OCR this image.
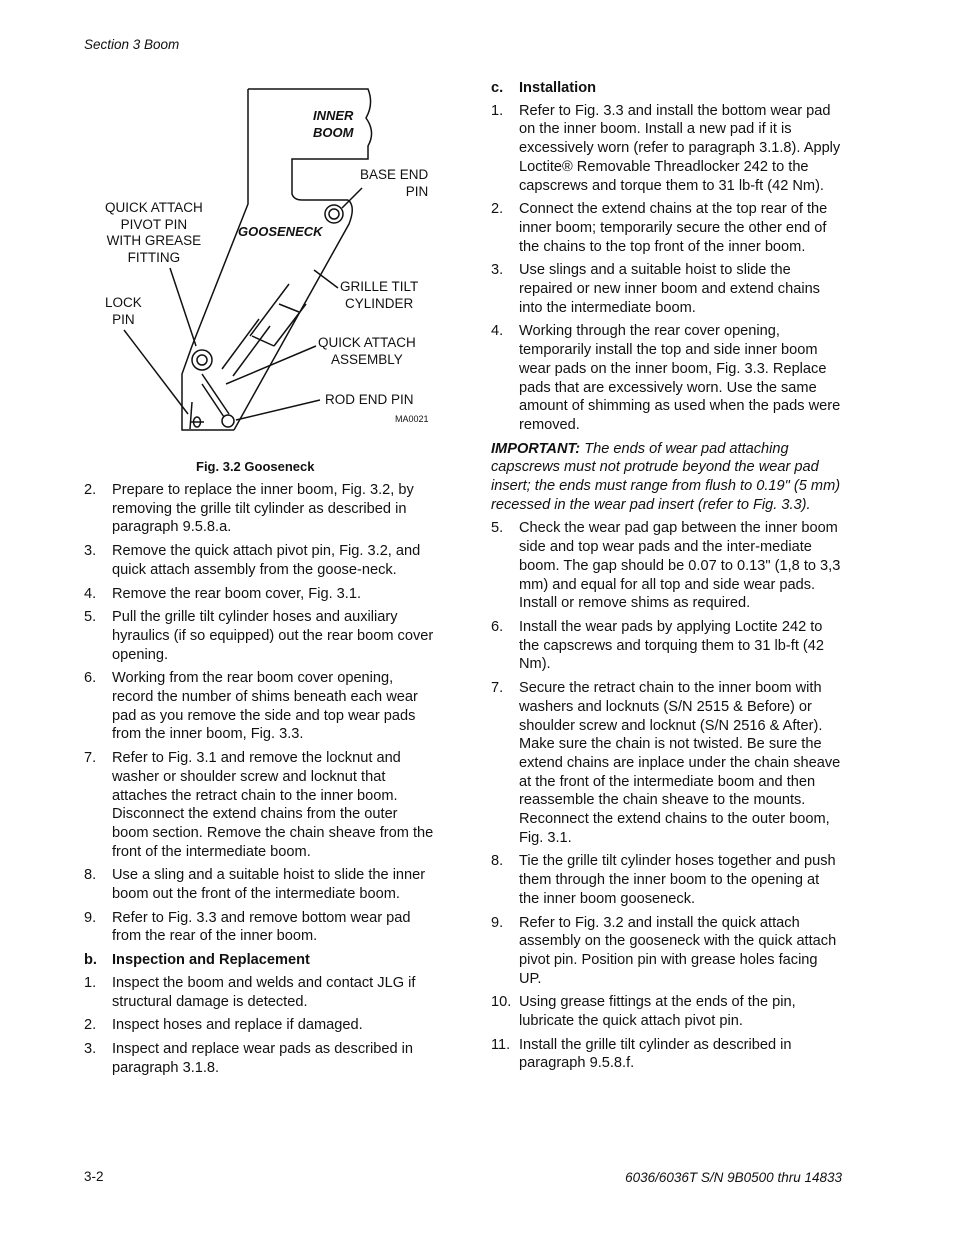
Section 3 Boom
INNER
BOOM
GOOSENECK
BASE END
PIN
QUICK ATTACH
PIVOT PIN
WITH GREASE
FITTING
GRILLE TILT
CYLINDER
LOCK
PIN
QUICK ATTACH
ASSEMBLY
ROD END PIN
MA0021
Fig. 3.2 Gooseneck
2.	Prepare to replace the inner boom, Fig. 3.2, by removing the grille tilt cylinder as described in paragraph 9.5.8.a.
3.	Remove the quick attach pivot pin, Fig. 3.2, and quick attach assembly from the goose-neck.
4.	Remove the rear boom cover, Fig. 3.1.
5.	Pull the grille tilt cylinder hoses and auxiliary hyraulics (if so equipped) out the rear boom cover opening.
6.	Working from the rear boom cover opening, record the number of shims beneath each wear pad as you remove the side and top wear pads from the inner boom, Fig. 3.3.
7.	Refer to Fig. 3.1 and remove the locknut and washer or shoulder screw and locknut that attaches the retract chain to the inner boom. Disconnect the extend chains from the outer boom section. Remove the chain sheave from the front of the intermediate boom.
8.	Use a sling and a suitable hoist to slide the inner boom out the front of the intermediate boom.
9.	Refer to Fig. 3.3 and remove bottom wear pad from the rear of the inner boom.
b.	Inspection and Replacement
1.	Inspect the boom and welds and contact JLG if structural damage is detected.
2.	Inspect hoses and replace if damaged.
3.	Inspect and replace wear pads as described in paragraph 3.1.8.
c.	Installation
1.	Refer to Fig. 3.3 and install the bottom wear pad on the inner boom. Install a new pad if it is excessively worn (refer to paragraph 3.1.8). Apply Loctite® Removable Threadlocker 242 to the capscrews and torque them to 31 lb-ft (42 Nm).
2.	Connect the extend chains at the top rear of the inner boom; temporarily secure the other end of the chains to the top front of the inner boom.
3.	Use slings and a suitable hoist to slide the repaired or new inner boom and extend chains into the intermediate boom.
4.	Working through the rear cover opening, temporarily install the top and side inner boom wear pads on the inner boom, Fig. 3.3. Replace pads that are excessively worn. Use the same amount of shimming as used when the pads were removed.
IMPORTANT: The ends of wear pad attaching capscrews must not protrude beyond the wear pad insert; the ends must range from flush to 0.19" (5 mm) recessed in the wear pad insert (refer to Fig. 3.3).
5.	Check the wear pad gap between the inner boom side and top wear pads and the inter-mediate boom. The gap should be 0.07 to 0.13" (1,8 to 3,3 mm) and equal for all top and side wear pads. Install or remove shims as required.
6.	Install the wear pads by applying Loctite 242 to the capscrews and torquing them to 31 lb-ft (42 Nm).
7.	Secure the retract chain to the inner boom with washers and locknuts (S/N 2515 & Before) or shoulder screw and locknut (S/N 2516 & After). Make sure the chain is not twisted. Be sure the extend chains are inplace under the chain sheave at the front of the intermediate boom and then reassemble the chain sheave to the mounts. Reconnect the extend chains to the outer boom, Fig. 3.1.
8.	Tie the grille tilt cylinder hoses together and push them through the inner boom to the opening at the inner boom gooseneck.
9.	Refer to Fig. 3.2 and install the quick attach assembly on the gooseneck with the quick attach pivot pin. Position pin with grease holes facing UP.
10. Using grease fittings at the ends of the pin, lubricate the quick attach pivot pin.
11. Install the grille tilt cylinder as described in paragraph 9.5.8.f.
3-2	6036/6036T S/N 9B0500 thru 14833
